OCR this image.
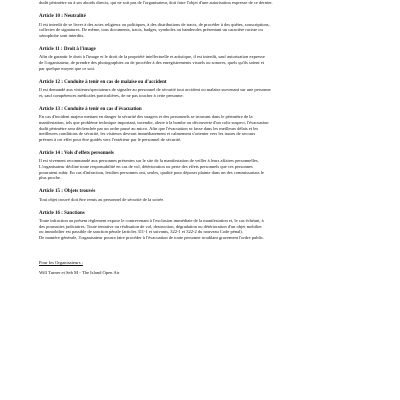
dudit périmètre ou à ses abords directs, qui ne soit pas de l'organisateur, doit faire l'objet d'une autorisation expresse de ce dernier.

Article 10 : Neutralité

Il est interdit de se livrer à des actes religieux ou politiques, à des distributions de tracts, de procéder à des quêtes, souscriptions,
collectes de signatures. De même, tous documents, tracts, badges, symboles ou banderoles présentant un caractère raciste ou
xénophobe sont interdits.

Article 11 : Droit à l'image

Afin de garantir le droit à l'image et le droit de la propriété intellectuelle et artistique, il est interdit, sauf autorisation expresse
de l'organisateur, de prendre des photographies ou de procéder à des enregistrements visuels ou sonores, quels qu'ils soient et
par quelque moyen que ce soit.

Article 12 : Conduite à tenir en cas de malaise ou d'accident

Il est demandé aux visiteurs/spectateurs de signaler au personnel de sécurité tout accident ou malaise survenant sur une personne
et, sauf compétences médicales particulières, de ne pas toucher à cette personne.

Article 13 : Conduite à tenir en cas d'évacuation

En cas d'incident majeur mettant en danger la sécurité des usagers et des personnels se trouvant dans le périmètre de la
manifestation, tels que problème technique important, incendie, alerte à la bombe ou découverte d'un colis suspect, l'évacuation
dudit périmètre sera déclenchée par un ordre passé au micro. Afin que l'évacuation se fasse dans les meilleurs délais et les
meilleures conditions de sécurité, les visiteurs devront immédiatement et calmement s'orienter vers les issues de secours
prévues à cet effet pour être guidés vers l'extérieur par le personnel de sécurité.

Article 14 : Vols d'effets personnels

Il est vivement recommandé aux personnes présentes sur le site de la manifestation de veiller à leurs affaires personnelles.
L'organisateur décline toute responsabilité en cas de vol, détérioration ou perte des effets personnels que ces personnes
pourraient subir. En cas d'infraction, lesdites personnes ont, seules, qualité pour déposer plainte dans un des commissariats le
plus proche.

Article 15 : Objets trouvés

Tout objet trouvé doit être remis au personnel de sécurité de la soirée.

Article 16 : Sanctions

Toute infraction au présent règlement expose le contrevenant à l'exclusion immédiate de la manifestation et, le cas échéant, à
des poursuites judiciaires. Toute tentative ou réalisation de vol, destruction, dégradation ou détérioration d'un objet mobilier
ou immobilier est passible de sanction pénale (articles 311-1 et suivants, 322-1 et 322-2 du nouveau Code pénal).
De manière générale, l'organisateur pourra faire procéder à l'évacuation de toute personne troublant gravement l'ordre public.

Pour les Organisateurs :
Will Turner et Seb M - The Island Open Air
